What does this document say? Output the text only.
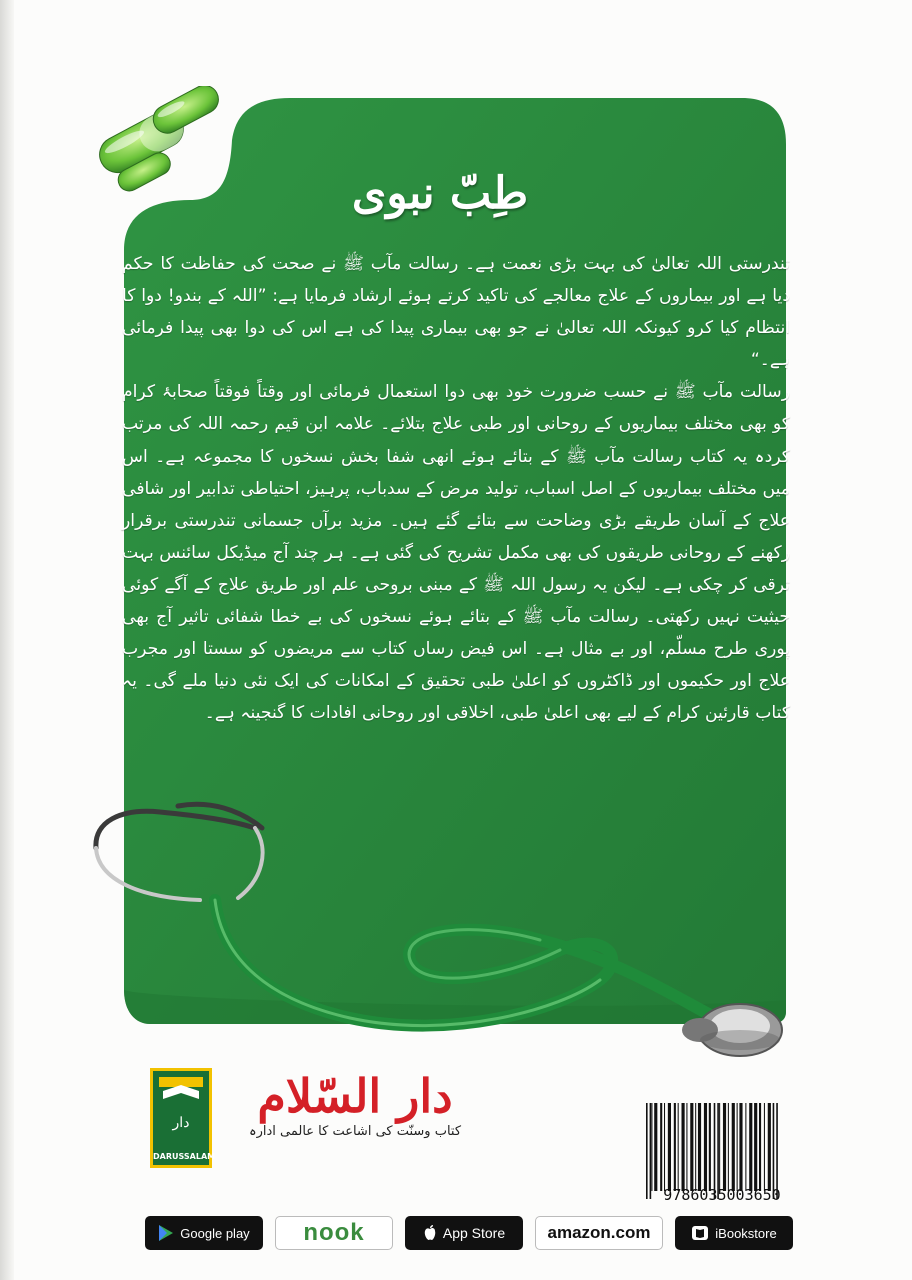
طِبّ نبوی

تندرستی اللہ تعالیٰ کی بہت بڑی نعمت ہے۔ رسالت مآب ﷺ نے صحت کی حفاظت کا حکم دیا ہے اور بیماروں کے علاج معالجے کی تاکید کرتے ہوئے ارشاد فرمایا ہے: ”اللہ کے بندو! دوا کا انتظام کیا کرو کیونکہ اللہ تعالیٰ نے جو بھی بیماری پیدا کی ہے اس کی دوا بھی پیدا فرمائی ہے۔“

رسالت مآب ﷺ نے حسب ضرورت خود بھی دوا استعمال فرمائی اور وقتاً فوقتاً صحابۂ کرام کو بھی مختلف بیماریوں کے روحانی اور طبی علاج بتلائے۔ علامہ ابن قیم رحمہ اللہ کی مرتب کردہ یہ کتاب رسالت مآب ﷺ کے بتائے ہوئے انھی شفا بخش نسخوں کا مجموعہ ہے۔ اس میں مختلف بیماریوں کے اصل اسباب، تولید مرض کے سدباب، پرہیز، احتیاطی تدابیر اور شافی علاج کے آسان طریقے بڑی وضاحت سے بتائے گئے ہیں۔ مزید برآں جسمانی تندرستی برقرار رکھنے کے روحانی طریقوں کی بھی مکمل تشریح کی گئی ہے۔ ہر چند آج میڈیکل سائنس بہت ترقی کر چکی ہے۔ لیکن یہ رسول اللہ ﷺ کے مبنی بروحی علم اور طریق علاج کے آگے کوئی حیثیت نہیں رکھتی۔ رسالت مآب ﷺ کے بتائے ہوئے نسخوں کی بے خطا شفائی تاثیر آج بھی پوری طرح مسلّم، اور بے مثال ہے۔ اس فیض رساں کتاب سے مریضوں کو سستا اور مجرب علاج اور حکیموں اور ڈاکٹروں کو اعلیٰ طبی تحقیق کے امکانات کی ایک نئی دنیا ملے گی۔ یہ کتاب قارئین کرام کے لیے بھی اعلیٰ طبی، اخلاقی اور روحانی افادات کا گنجینہ ہے۔

دار
DARUSSALAM
دار السّلام
کتاب وسنّت کی اشاعت کا عالمی ادارہ
9786035003650
Google play nook	App Store amazon.com	iBookstore
